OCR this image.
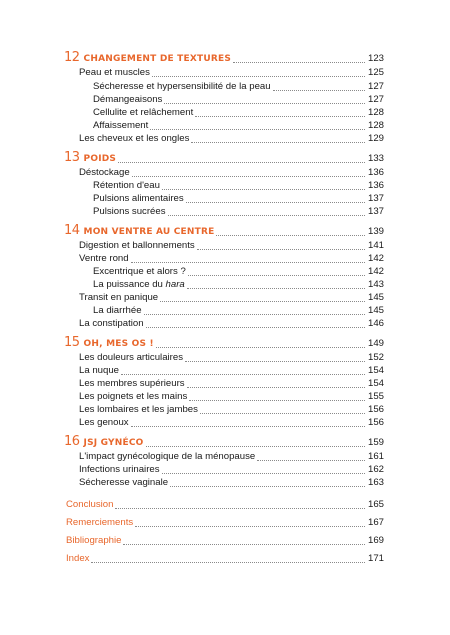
12 CHANGEMENT DE TEXTURES	123
Peau et muscles	125
Sécheresse et hypersensibilité de la peau	127
Démangeaisons	127
Cellulite et relâchement	128
Affaissement	128
Les cheveux et les ongles	129
13 POIDS	133
Déstockage	136
Rétention d'eau	136
Pulsions alimentaires	137
Pulsions sucrées	137
14 MON VENTRE AU CENTRE	139
Digestion et ballonnements	141
Ventre rond	142
Excentrique et alors ?	142
La puissance du hara	143
Transit en panique	145
La diarrhée	145
La constipation	146
15 OH, MES OS !	149
Les douleurs articulaires	152
La nuque	154
Les membres supérieurs	154
Les poignets et les mains	155
Les lombaires et les jambes	156
Les genoux	156
16 JSJ GYNÉCO	159
L'impact gynécologique de la ménopause	161
Infections urinaires	162
Sécheresse vaginale	163
Conclusion	165
Remerciements	167
Bibliographie	169
Index	171
